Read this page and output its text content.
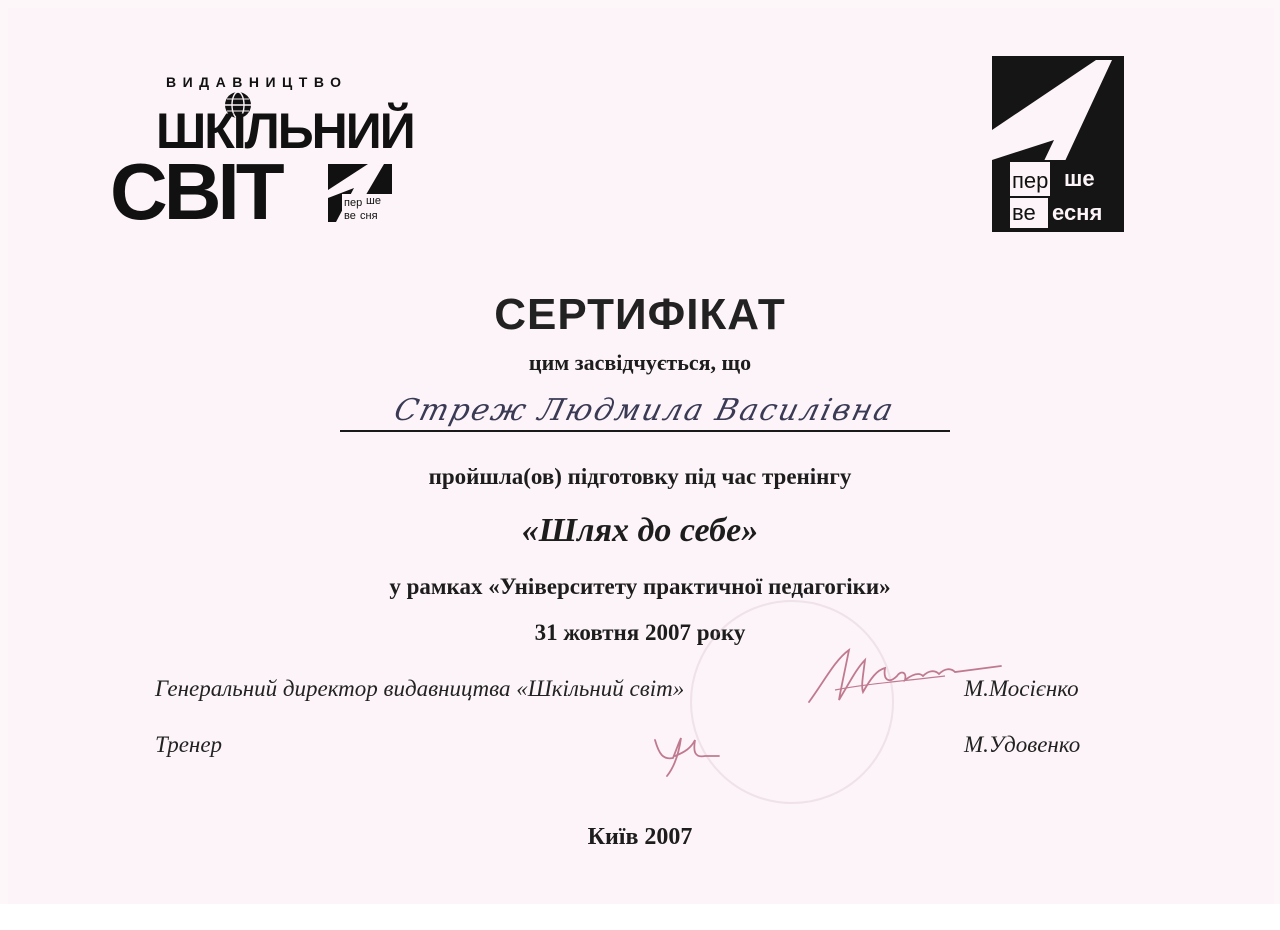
ВИДАВНИЦТВО
ШКІЛЬНИЙ
СВІТ	пер ше
ве сня
пер ше
ве есня
СЕРТИФІКАТ
цим засвідчується, що
Стреж Людмила Василівна
пройшла(ов) підготовку під час тренінгу
«Шлях до себе»
у рамках «Університету практичної педагогіки»
31 жовтня 2007 року
Генеральний директор видавництва «Шкільний світ»	М.Мосієнко
Тренер	М.Удовенко
Київ 2007
